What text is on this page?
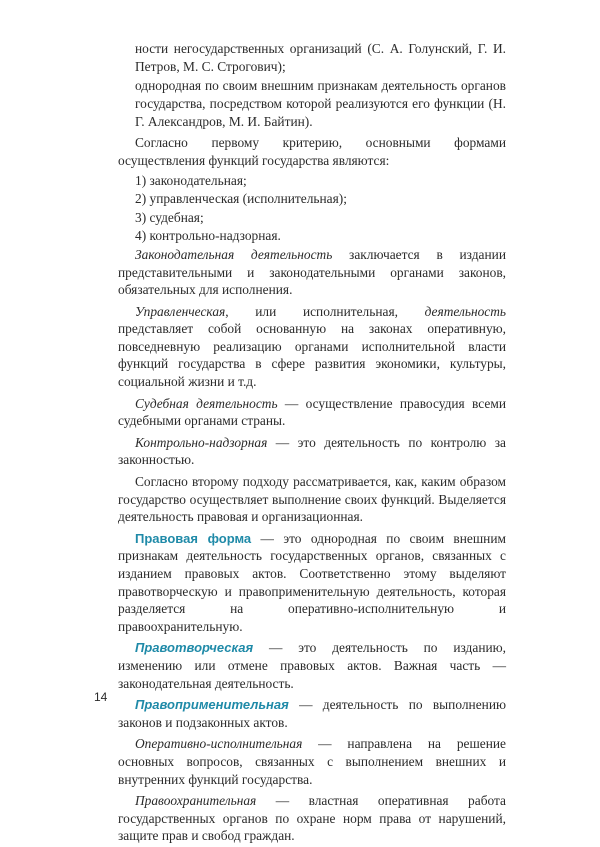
ности негосударственных организаций (С. А. Голунский, Г. И. Петров, М. С. Строгович);

однородная по своим внешним признакам деятельность органов государства, посредством которой реализуются его функции (Н. Г. Александров, М. И. Байтин).

Согласно первому критерию, основными формами осуществления функций государства являются:

1) законодательная;

2) управленческая (исполнительная);

3) судебная;

4) контрольно-надзорная.

Законодательная деятельность заключается в издании представительными и законодательными органами законов, обязательных для исполнения.

Управленческая, или исполнительная, деятельность представляет собой основанную на законах оперативную, повседневную реализацию органами исполнительной власти функций государства в сфере развития экономики, культуры, социальной жизни и т.д.

Судебная деятельность — осуществление правосудия всеми судебными органами страны.

Контрольно-надзорная — это деятельность по контролю за законностью.

Согласно второму подходу рассматривается, как, каким образом государство осуществляет выполнение своих функций. Выделяется деятельность правовая и организационная.

Правовая форма — это однородная по своим внешним признакам деятельность государственных органов, связанных с изданием правовых актов. Соответственно этому выделяют правотворческую и правоприменительную деятельность, которая разделяется на оперативно-исполнительную и правоохранительную.

Правотворческая — это деятельность по изданию, изменению или отмене правовых актов. Важная часть — законодательная деятельность.

Правоприменительная — деятельность по выполнению законов и подзаконных актов.

Оперативно-исполнительная — направлена на решение основных вопросов, связанных с выполнением внешних и внутренних функций государства.

Правоохранительная — властная оперативная работа государственных органов по охране норм права от нарушений, защите прав и свобод граждан.

14
